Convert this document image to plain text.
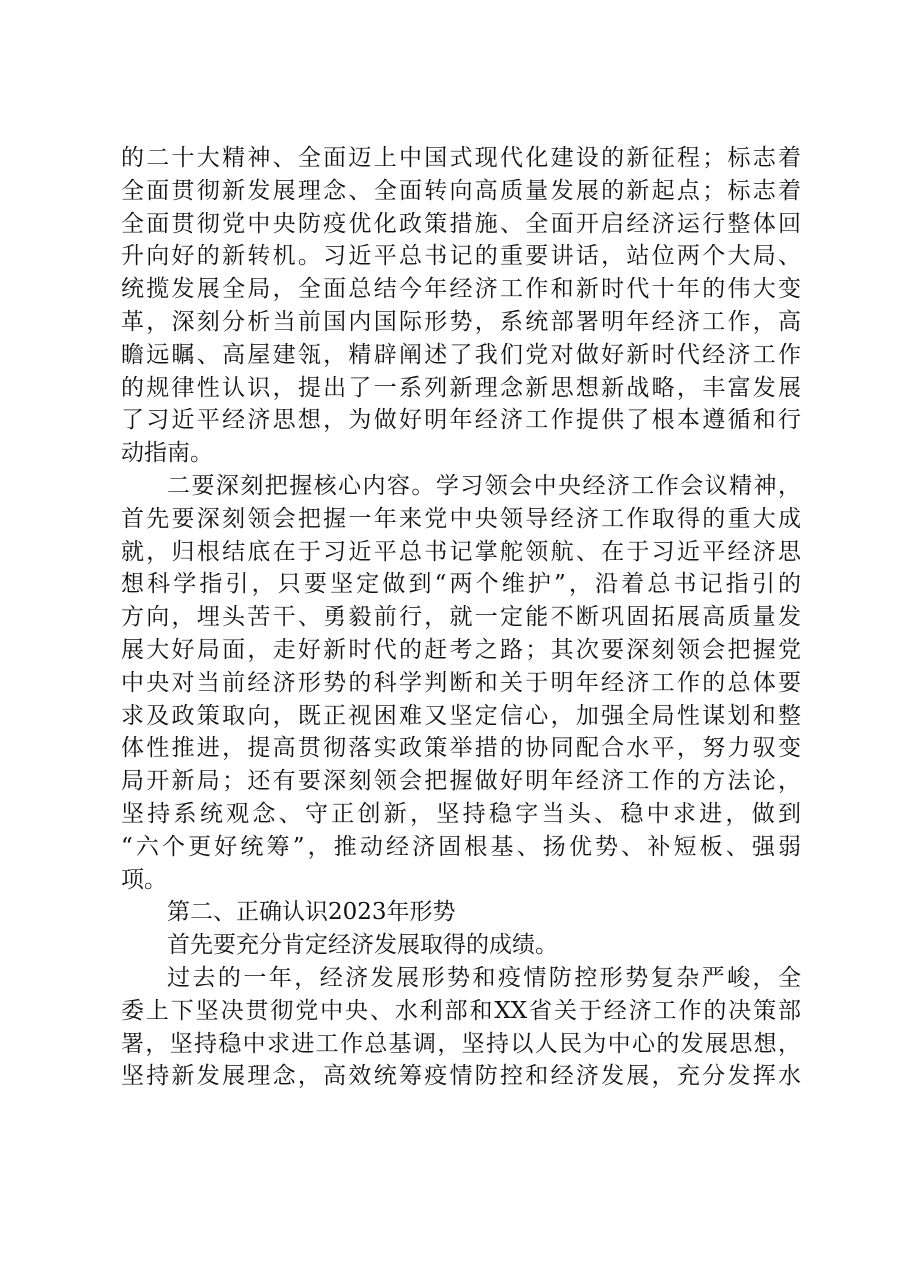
的二十大精神、全面迈上中国式现代化建设的新征程；标志着
全面贯彻新发展理念、全面转向高质量发展的新起点；标志着
全面贯彻党中央防疫优化政策措施、全面开启经济运行整体回
升向好的新转机。习近平总书记的重要讲话，站位两个大局、
统揽发展全局，全面总结今年经济工作和新时代十年的伟大变
革，深刻分析当前国内国际形势，系统部署明年经济工作，高
瞻远瞩、高屋建瓴，精辟阐述了我们党对做好新时代经济工作
的规律性认识，提出了一系列新理念新思想新战略，丰富发展
了习近平经济思想，为做好明年经济工作提供了根本遵循和行
动指南。
二要深刻把握核心内容。学习领会中央经济工作会议精神，
首先要深刻领会把握一年来党中央领导经济工作取得的重大成
就，归根结底在于习近平总书记掌舵领航、在于习近平经济思
想科学指引，只要坚定做到“两个维护”，沿着总书记指引的
方向，埋头苦干、勇毅前行，就一定能不断巩固拓展高质量发
展大好局面，走好新时代的赶考之路；其次要深刻领会把握党
中央对当前经济形势的科学判断和关于明年经济工作的总体要
求及政策取向，既正视困难又坚定信心，加强全局性谋划和整
体性推进，提高贯彻落实政策举措的协同配合水平，努力驭变
局开新局；还有要深刻领会把握做好明年经济工作的方法论，
坚持系统观念、守正创新，坚持稳字当头、稳中求进，做到
“六个更好统筹”，推动经济固根基、扬优势、补短板、强弱
项。
第二、正确认识2023年形势
首先要充分肯定经济发展取得的成绩。
过去的一年，经济发展形势和疫情防控形势复杂严峻，全
委上下坚决贯彻党中央、水利部和XX省关于经济工作的决策部
署，坚持稳中求进工作总基调，坚持以人民为中心的发展思想，
坚持新发展理念，高效统筹疫情防控和经济发展，充分发挥水
